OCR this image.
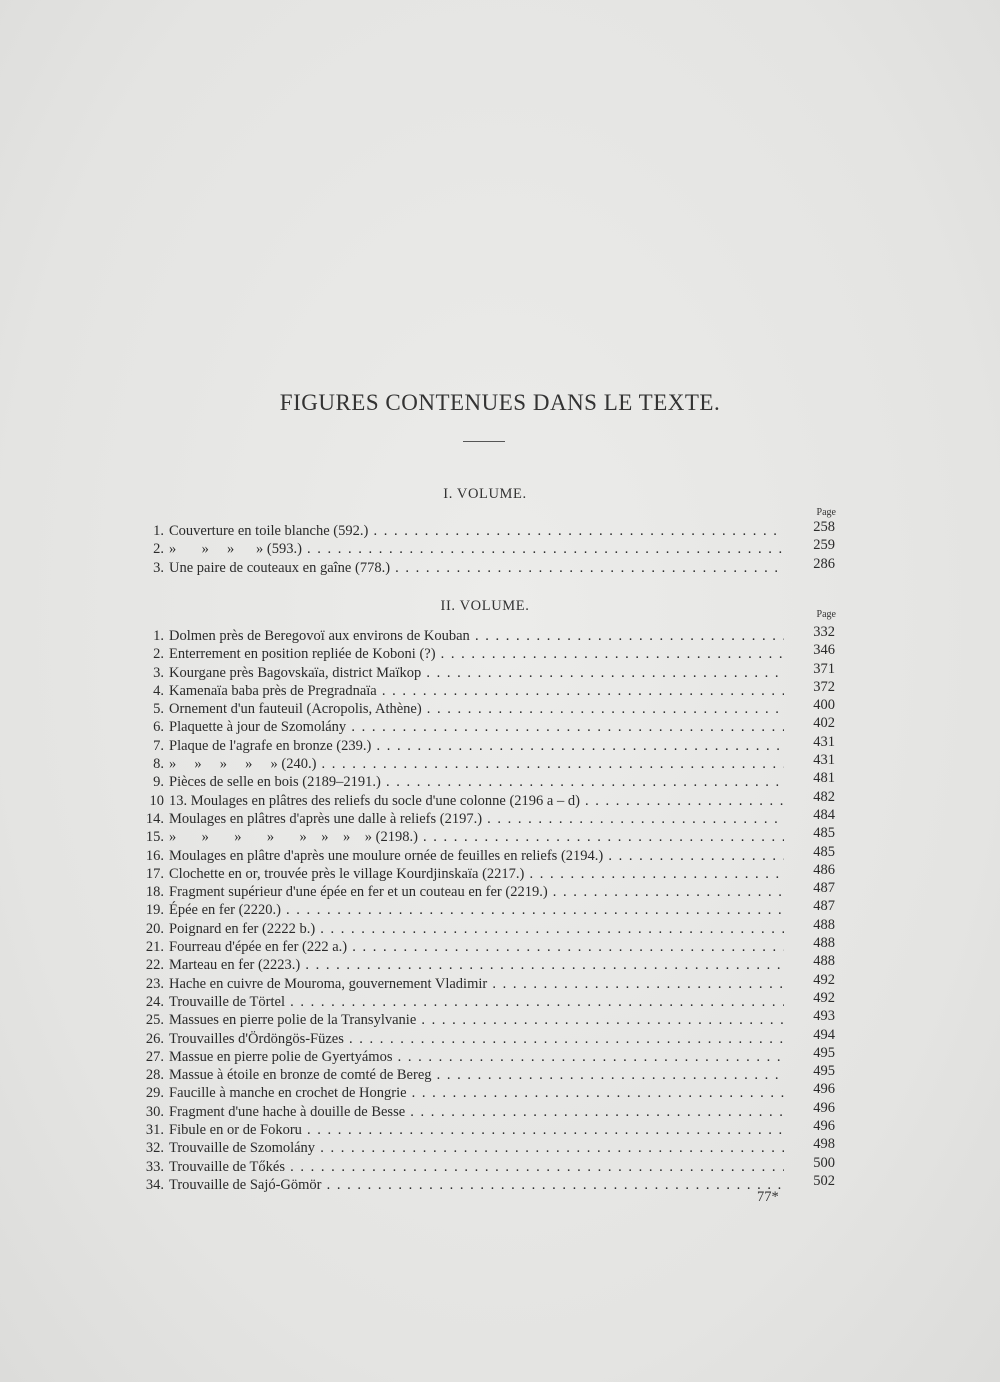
FIGURES CONTENUES DANS LE TEXTE.
I. VOLUME.
Page
1. Couverture en toile blanche (592.) . . .	258
2. »       »     »      » (593.) . . .	259
3. Une paire de couteaux en gaîne (778.) . . .	286
II. VOLUME.
Page
1. Dolmen près de Beregovoï aux environs de Kouban . . .	332
2. Enterrement en position repliée de Koboni (?) . . .	346
3. Kourgane près Bagovskaïa, district Maïkop . . .	371
4. Kamenaïa baba près de Pregradnaïa . . .	372
5. Ornement d'un fauteuil (Acropolis, Athène) . . .	400
6. Plaquette à jour de Szomolány . . .	402
7. Plaque de l'agrafe en bronze (239.) . . .	431
8. »     »     »     »     » (240.) . . .	431
9. Pièces de selle en bois (2189–2191.) . . .	481
10 13. Moulages en plâtres des reliefs du socle d'une colonne (2196 a – d) . . .	482
14. Moulages en plâtres d'après une dalle à reliefs (2197.) . . .	484
15. »       »       »       »       »    »    »    » (2198.) . . .	485
16. Moulages en plâtre d'après une moulure ornée de feuilles en reliefs (2194.) . . .	485
17. Clochette en or, trouvée près le village Kourdjinskaïa (2217.) . . .	486
18. Fragment supérieur d'une épée en fer et un couteau en fer (2219.) . . .	487
19. Épée en fer (2220.) . . .	487
20. Poignard en fer (2222 b.) . . .	488
21. Fourreau d'épée en fer (222 a.) . . .	488
22. Marteau en fer (2223.) . . .	488
23. Hache en cuivre de Mouroma, gouvernement Vladimir . . .	492
24. Trouvaille de Törtel . . .	492
25. Massues en pierre polie de la Transylvanie . . .	493
26. Trouvailles d'Ördöngös-Füzes . . .	494
27. Massue en pierre polie de Gyertyámos . . .	495
28. Massue à étoile en bronze de comté de Bereg . . .	495
29. Faucille à manche en crochet de Hongrie . . .	496
30. Fragment d'une hache à douille de Besse . . .	496
31. Fibule en or de Fokoru . . .	496
32. Trouvaille de Szomolány . . .	498
33. Trouvaille de Tőkés . . .	500
34. Trouvaille de Sajó-Gömör . . .	502
77*
